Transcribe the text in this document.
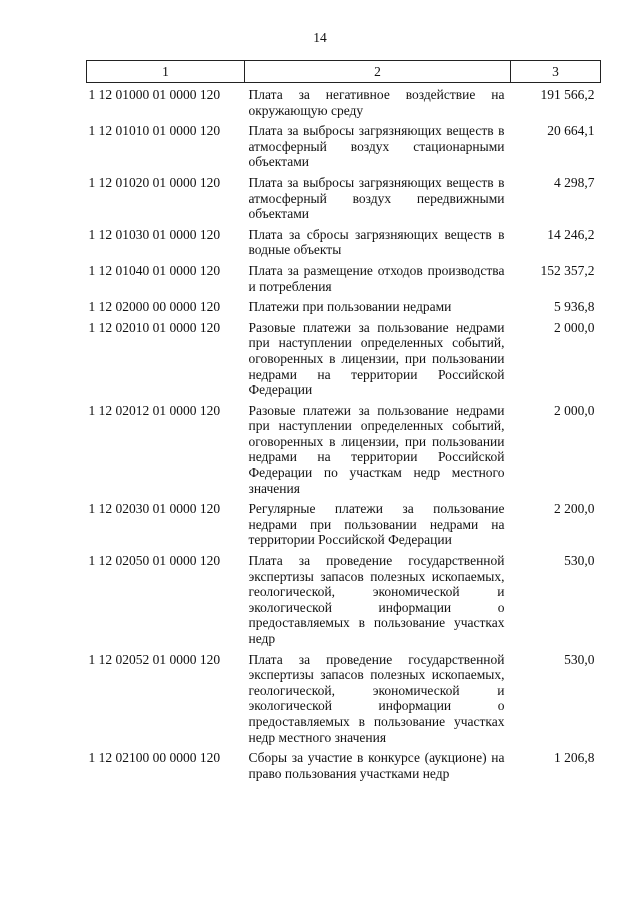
14
1	2	3

1 12 01000 01 0000 120	Плата за негативное воздействие на окружающую среду	191 566,2
1 12 01010 01 0000 120	Плата за выбросы загрязняющих веществ в атмосферный воздух стационарными объектами	20 664,1
1 12 01020 01 0000 120	Плата за выбросы загрязняющих веществ в атмосферный воздух передвижными объектами	4 298,7
1 12 01030 01 0000 120	Плата за сбросы загрязняющих веществ в водные объекты	14 246,2
1 12 01040 01 0000 120	Плата за размещение отходов производства и потребления	152 357,2
1 12 02000 00 0000 120	Платежи при пользовании недрами	5 936,8
1 12 02010 01 0000 120	Разовые платежи за пользование недрами при наступлении определенных событий, оговоренных в лицензии, при пользовании недрами на территории Российской Федерации	2 000,0
1 12 02012 01 0000 120	Разовые платежи за пользование недрами при наступлении определенных событий, оговоренных в лицензии, при пользовании недрами на территории Российской Федерации по участкам недр местного значения	2 000,0
1 12 02030 01 0000 120	Регулярные платежи за пользование недрами при пользовании недрами на территории Российской Федерации	2 200,0
1 12 02050 01 0000 120	Плата за проведение государственной экспертизы запасов полезных ископаемых, геологической, экономической и экологической информации о предоставляемых в пользование участках недр	530,0
1 12 02052 01 0000 120	Плата за проведение государственной экспертизы запасов полезных ископаемых, геологической, экономической и экологической информации о предоставляемых в пользование участках недр местного значения	530,0
1 12 02100 00 0000 120	Сборы за участие в конкурсе (аукционе) на право пользования участками недр	1 206,8
